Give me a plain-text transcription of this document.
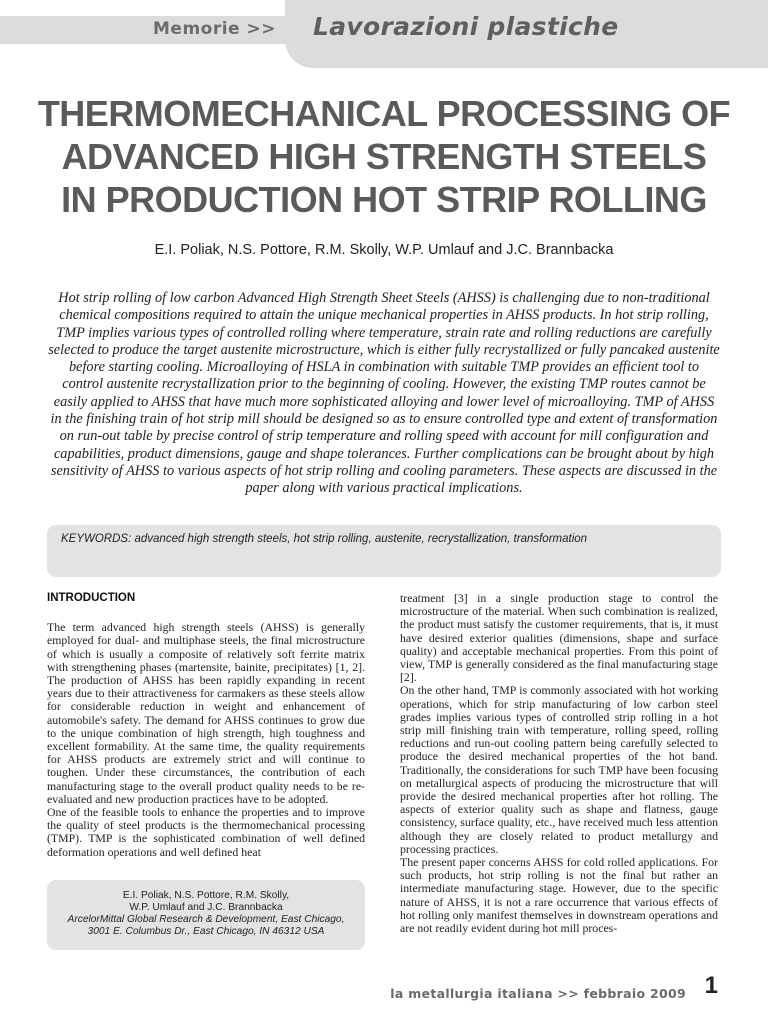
Memorie >> Lavorazioni plastiche
THERMOMECHANICAL PROCESSING OF
ADVANCED HIGH STRENGTH STEELS
IN PRODUCTION HOT STRIP ROLLING
E.I. Poliak, N.S. Pottore, R.M. Skolly, W.P. Umlauf and J.C. Brannbacka

Hot strip rolling of low carbon Advanced High Strength Sheet Steels (AHSS) is challenging due to non-traditional chemical compositions required to attain the unique mechanical properties in AHSS products. In hot strip rolling, TMP implies various types of controlled rolling where temperature, strain rate and rolling reductions are carefully selected to produce the target austenite microstructure, which is either fully recrystallized or fully pancaked austenite before starting cooling. Microalloying of HSLA in combination with suitable TMP provides an efficient tool to control austenite recrystallization prior to the beginning of cooling. However, the existing TMP routes cannot be easily applied to AHSS that have much more sophisticated alloying and lower level of microalloying. TMP of AHSS in the finishing train of hot strip mill should be designed so as to ensure controlled type and extent of transformation on run-out table by precise control of strip temperature and rolling speed with account for mill configuration and capabilities, product dimensions, gauge and shape tolerances. Further complications can be brought about by high sensitivity of AHSS to various aspects of hot strip rolling and cooling parameters. These aspects are discussed in the paper along with various practical implications.

KEYWORDS: advanced high strength steels, hot strip rolling, austenite, recrystallization, transformation
INTRODUCTION

The term advanced high strength steels (AHSS) is generally employed for dual- and multiphase steels, the final microstructure of which is usually a composite of relatively soft ferrite matrix with strengthening phases (martensite, bainite, precipitates) [1, 2]. The production of AHSS has been rapidly expanding in recent years due to their attractiveness for carmakers as these steels allow for considerable reduction in weight and enhancement of automobile's safety. The demand for AHSS continues to grow due to the unique combination of high strength, high toughness and excellent formability. At the same time, the quality requirements for AHSS products are extremely strict and will continue to toughen. Under these circumstances, the contribution of each manufacturing stage to the overall product quality needs to be re-evaluated and new production practices have to be adopted.

One of the feasible tools to enhance the properties and to improve the quality of steel products is the thermomechanical processing (TMP). TMP is the sophisticated combination of well defined deformation operations and well defined heat

E.I. Poliak, N.S. Pottore, R.M. Skolly,
W.P. Umlauf and J.C. Brannbacka
ArcelorMittal Global Research & Development, East Chicago,
3001 E. Columbus Dr., East Chicago, IN 46312 USA

treatment [3] in a single production stage to control the microstructure of the material. When such combination is realized, the product must satisfy the customer requirements, that is, it must have desired exterior qualities (dimensions, shape and surface quality) and acceptable mechanical properties. From this point of view, TMP is generally considered as the final manufacturing stage [2].

On the other hand, TMP is commonly associated with hot working operations, which for strip manufacturing of low carbon steel grades implies various types of controlled strip rolling in a hot strip mill finishing train with temperature, rolling speed, rolling reductions and run-out cooling pattern being carefully selected to produce the desired mechanical properties of the hot band. Traditionally, the considerations for such TMP have been focusing on metallurgical aspects of producing the microstructure that will provide the desired mechanical properties after hot rolling. The aspects of exterior quality such as shape and flatness, gauge consistency, surface quality, etc., have received much less attention although they are closely related to product metallurgy and processing practices.

The present paper concerns AHSS for cold rolled applications. For such products, hot strip rolling is not the final but rather an intermediate manufacturing stage. However, due to the specific nature of AHSS, it is not a rare occurrence that various effects of hot rolling only manifest themselves in downstream operations and are not readily evident during hot mill proces-

la metallurgia italiana >> febbraio 2009 1
